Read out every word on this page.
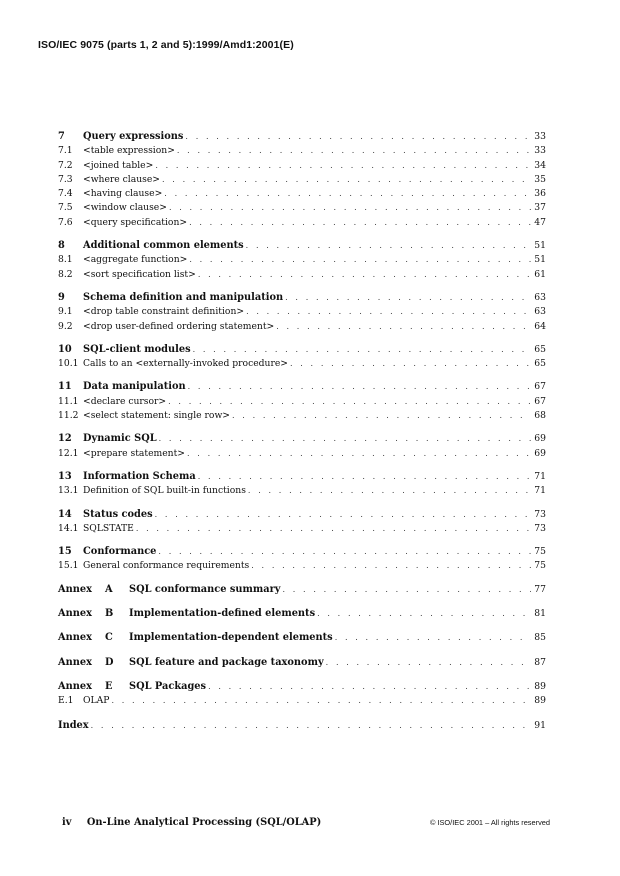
ISO/IEC 9075 (parts 1, 2 and 5):1999/Amd1:2001(E)
7	Query expressions . . .	33
7.1	<table expression> . . .	33
7.2	<joined table> . . .	34
7.3	<where clause> . . .	35
7.4	<having clause> . . .	36
7.5	<window clause> . . .	37
7.6	<query specification> . . .	47
8	Additional common elements . . .	51
8.1	<aggregate function> . . .	51
8.2	<sort specification list> . . .	61
9	Schema definition and manipulation . . .	63
9.1	<drop table constraint definition> . . .	63
9.2	<drop user-defined ordering statement> . . .	64
10	SQL-client modules . . .	65
10.1 Calls to an <externally-invoked procedure> . . .	65
11	Data manipulation . . .	67
11.1 <declare cursor> . . .	67
11.2 <select statement: single row> . . .	68
12	Dynamic SQL . . .	69
12.1 <prepare statement> . . .	69
13	Information Schema . . .	71
13.1 Definition of SQL built-in functions . . .	71
14	Status codes . . .	73
14.1 SQLSTATE . . .	73
15	Conformance . . .	75
15.1 General conformance requirements . . .	75
Annex A	SQL conformance summary . . .	77
Annex B	Implementation-defined elements . . .	81
Annex C	Implementation-dependent elements . . .	85
Annex D	SQL feature and package taxonomy . . .	87
Annex E	SQL Packages . . .	89
E.1	OLAP . . .	89
Index . . .	91
iv On-Line Analytical Processing (SQL/OLAP)	© ISO/IEC 2001 – All rights reserved
